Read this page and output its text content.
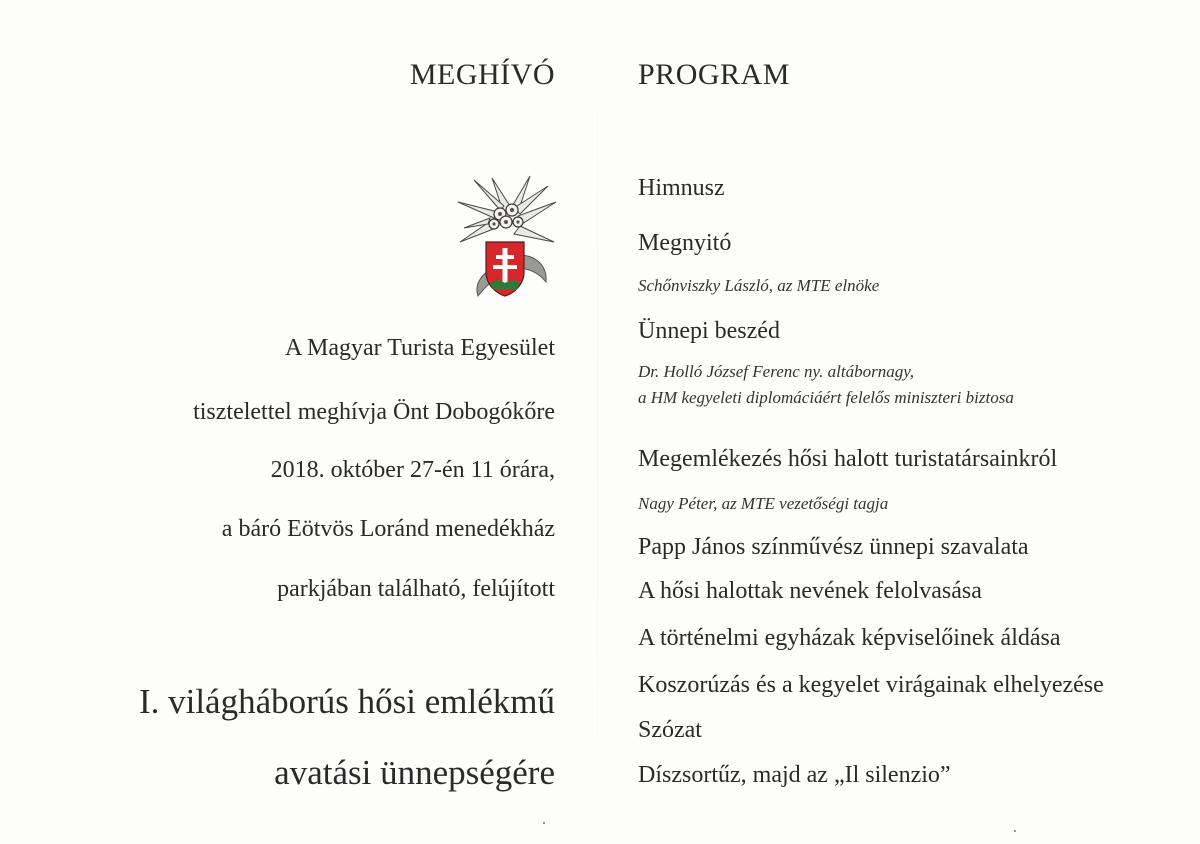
MEGHÍVÓ

A Magyar Turista Egyesület

tisztelettel meghívja Önt Dobogókőre

2018. október 27-én 11 órára,

a báró Eötvös Loránd menedékház

parkjában található, felújított

I. világháborús hősi emlékmű

avatási ünnepségére

PROGRAM

Himnusz

Megnyitó

Schőnviszky László, az MTE elnöke

Ünnepi beszéd

Dr. Holló József Ferenc ny. altábornagy,

a HM kegyeleti diplomáciáért felelős miniszteri biztosa

Megemlékezés hősi halott turistatársainkról

Nagy Péter, az MTE vezetőségi tagja

Papp János színművész ünnepi szavalata

A hősi halottak nevének felolvasása

A történelmi egyházak képviselőinek áldása

Koszorúzás és a kegyelet virágainak elhelyezése

Szózat

Díszsortűz, majd az „Il silenzio”
